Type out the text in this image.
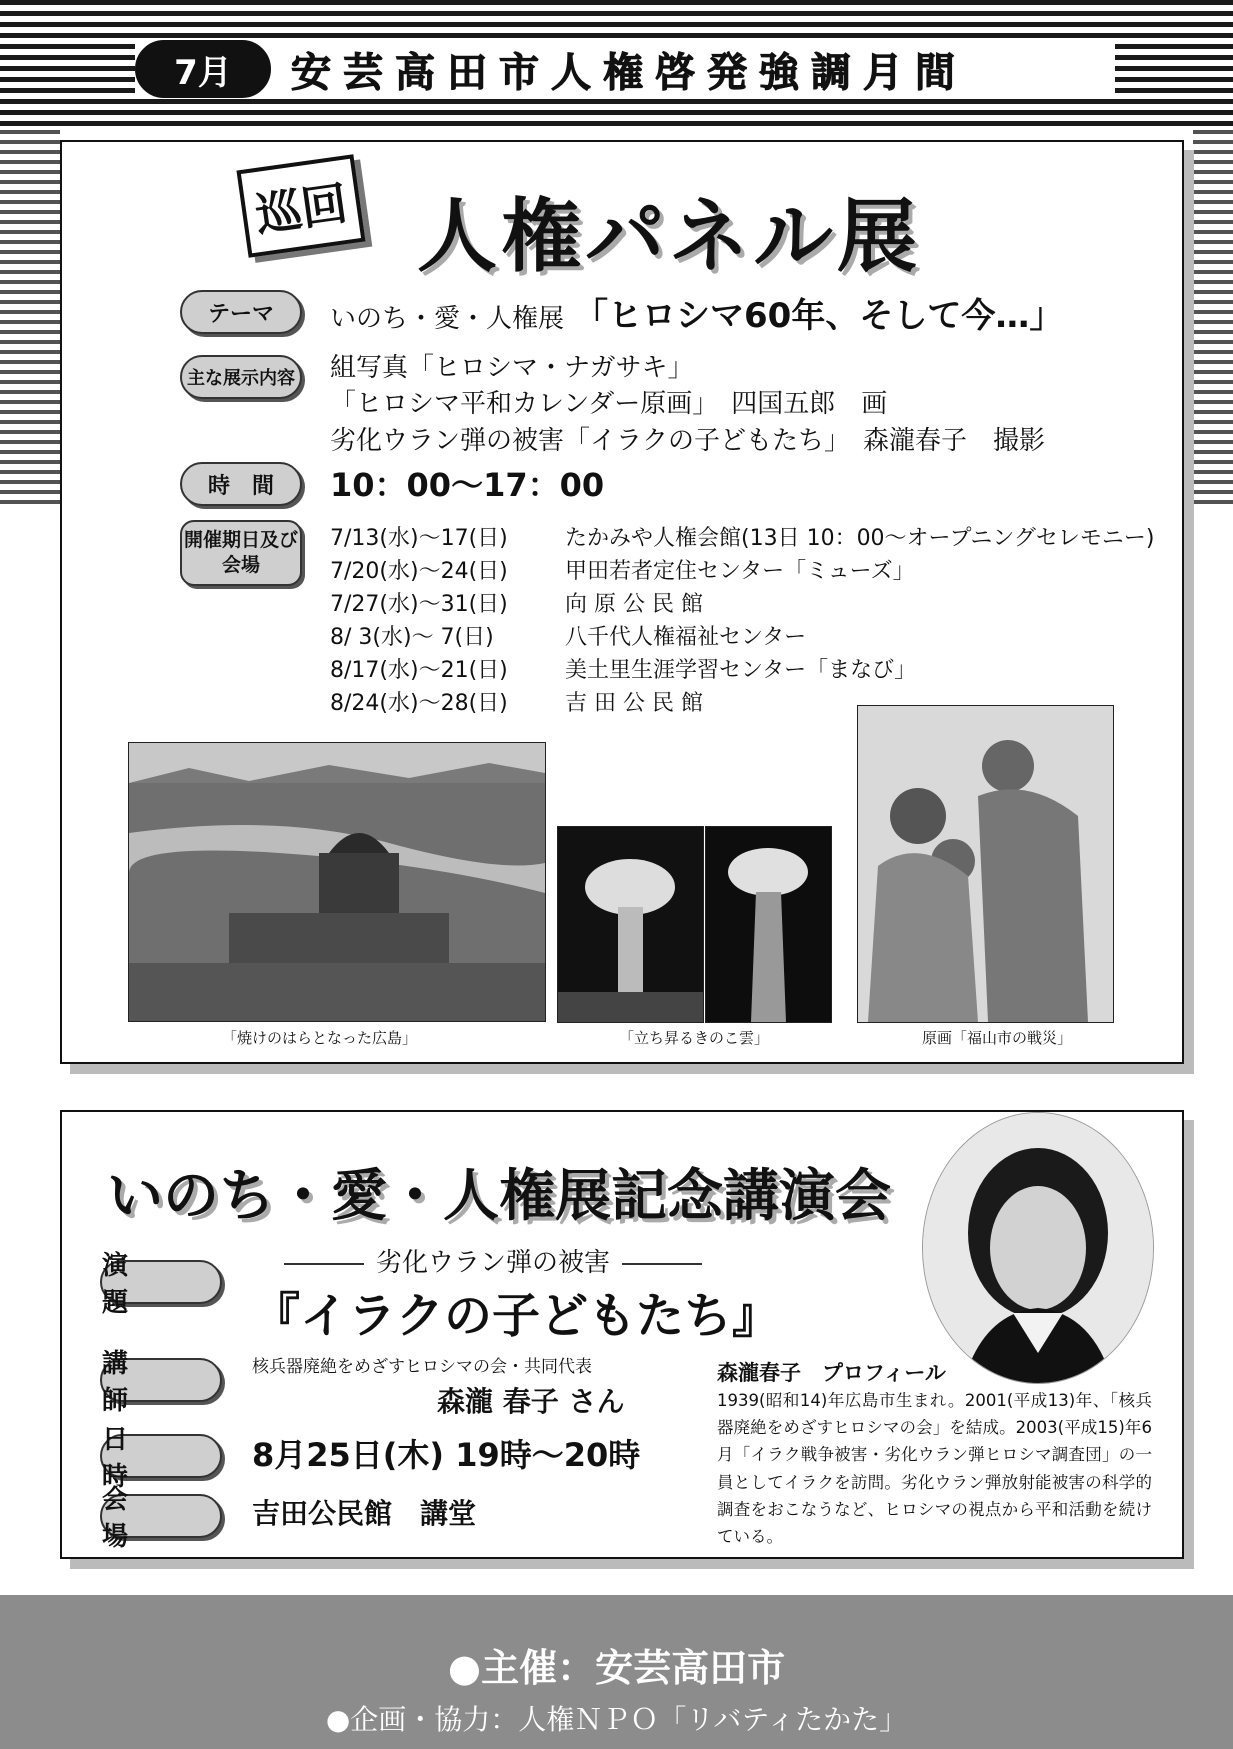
7月	安芸高田市人権啓発強調月間
巡回 人権パネル展
テーマ	いのち・愛・人権展 「ヒロシマ60年、そして今…」
主な展示内容 組写真「ヒロシマ・ナガサキ」
「ヒロシマ平和カレンダー原画」　四国五郎　画
劣化ウラン弾の被害「イラクの子どもたち」　森瀧春子　撮影
時　間	10：00〜17：00
開催期日及び会場
7/13(水)〜17(日)	たかみや人権会館(13日 10：00〜オープニングセレモニー)
7/20(水)〜24(日)	甲田若者定住センター「ミューズ」
7/27(水)〜31(日)	向 原 公 民 館
8/ 3(水)〜 7(日)	八千代人権福祉センター
8/17(水)〜21(日)	美土里生涯学習センター「まなび」
8/24(水)〜28(日)	吉 田 公 民 館
「焼けのはらとなった広島」	「立ち昇るきのこ雲」	原画「福山市の戦災」
いのち・愛・人権展記念講演会
演　題
劣化ウラン弾の被害
『イラクの子どもたち』
講　師
核兵器廃絶をめざすヒロシマの会・共同代表
森瀧 春子 さん
日　時
8月25日(木) 19時〜20時
会　場
吉田公民館　講堂
森瀧春子　プロフィール
1939(昭和14)年広島市生まれ。2001(平成13)年、「核兵器廃絶をめざすヒロシマの会」を結成。2003(平成15)年6月「イラク戦争被害・劣化ウラン弾ヒロシマ調査団」の一員としてイラクを訪問。劣化ウラン弾放射能被害の科学的調査をおこなうなど、ヒロシマの視点から平和活動を続けている。
●主催：安芸高田市
●企画・協力：人権ＮＰＯ「リバティたかた」
